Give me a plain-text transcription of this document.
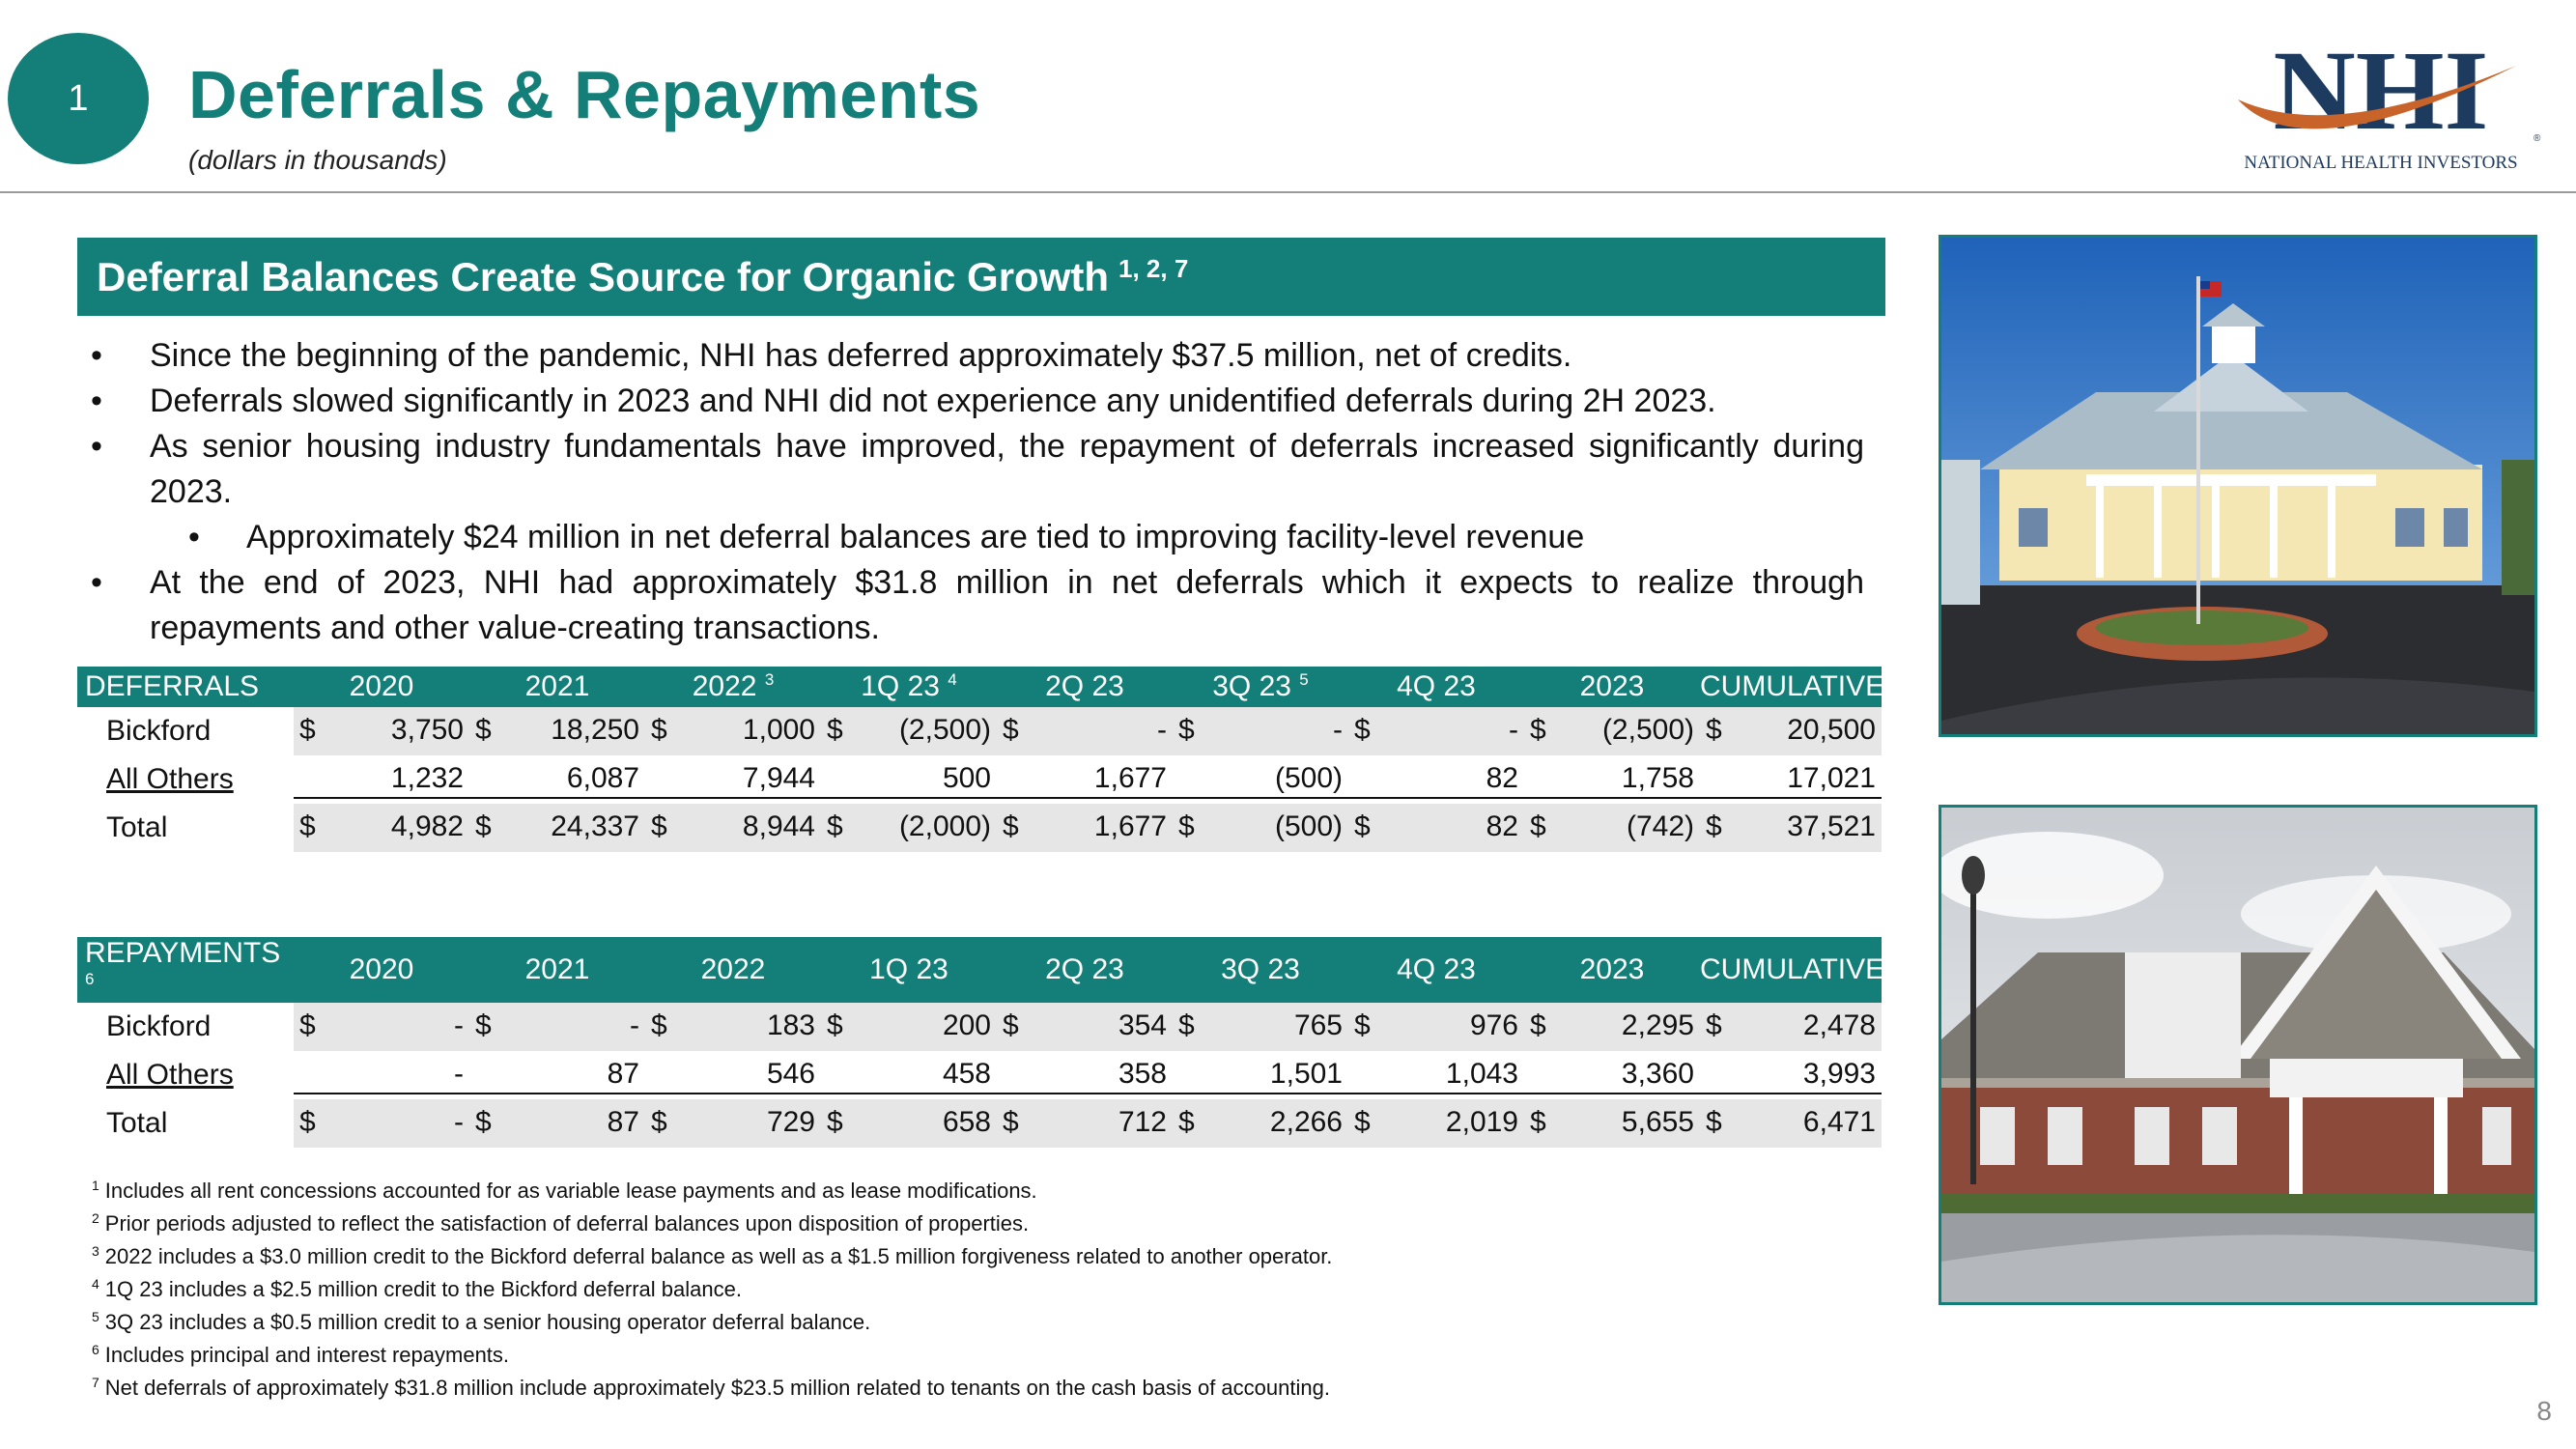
1	Deferrals & Repayments
(dollars in thousands)
NHI	®
NATIONAL HEALTH INVESTORS
Deferral Balances Create Source for Organic Growth $^{1, 2, 7}$
• Since the beginning of the pandemic, NHI has deferred approximately $37.5 million, net of credits.
• Deferrals slowed significantly in 2023 and NHI did not experience any unidentified deferrals during 2H 2023.
• As senior housing industry fundamentals have improved, the repayment of deferrals increased significantly during 2023.
• Approximately $24 million in net deferral balances are tied to improving facility-level revenue
• At the end of 2023, NHI had approximately $31.8 million in net deferrals which it expects to realize through repayments and other value-creating transactions.
DEFERRALS	2020	2021	2022 $^3$	1Q 23 $^4$	2Q 23	3Q 23 $^5$	4Q 23	2023	CUMULATIVE
Bickford	$ 3,750	$ 18,250	$ 1,000	$ (2,500)	$ -	$ -	$ -	$ (2,500)	$ 20,500

All Others	1,232	6,087	7,944	500	1,677	(500)	82	1,758	17,021

Total	$ 4,982	$ 24,337	$ 8,944	$ (2,000)	$ 1,677	$ (500)	$ 82	$ (742)	$ 37,521
REPAYMENTS $^6$	2020	2021	2022	1Q 23	2Q 23	3Q 23	4Q 23	2023	CUMULATIVE
Bickford	$ -	$ -	$ 183	$ 200	$ 354	$ 765	$ 976	$ 2,295	$ 2,478

All Others	-	87	546	458	358	1,501	1,043	3,360	3,993

Total	$ -	$ 87	$ 729	$ 658	$ 712	$ 2,266	$ 2,019	$ 5,655	$ 6,471
$^1$ Includes all rent concessions accounted for as variable lease payments and as lease modifications.
$^2$ Prior periods adjusted to reflect the satisfaction of deferral balances upon disposition of properties.
$^3$ 2022 includes a $3.0 million credit to the Bickford deferral balance as well as a $1.5 million forgiveness related to another operator.
$^4$ 1Q 23 includes a $2.5 million credit to the Bickford deferral balance.
$^5$ 3Q 23 includes a $0.5 million credit to a senior housing operator deferral balance.
$^6$ Includes principal and interest repayments.
$^7$ Net deferrals of approximately $31.8 million include approximately $23.5 million related to tenants on the cash basis of accounting.
8
